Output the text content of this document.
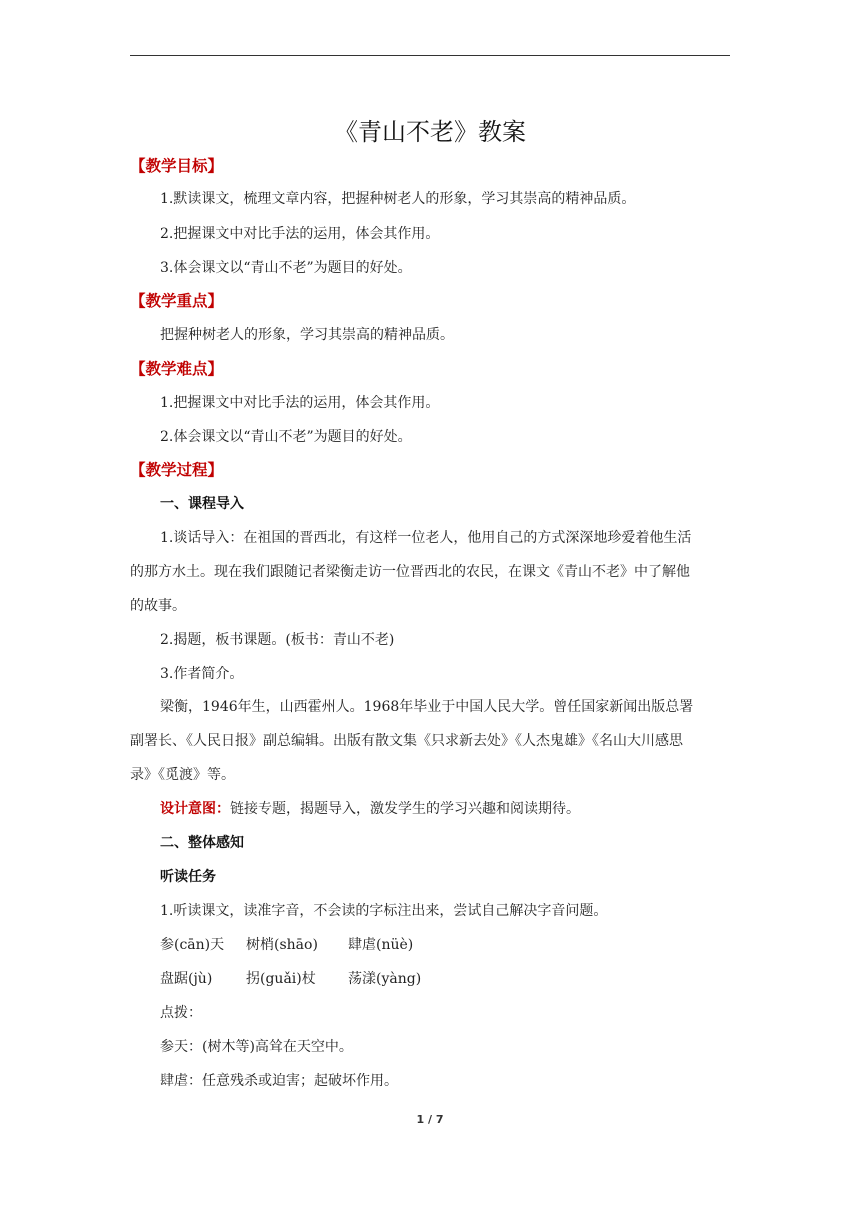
《青山不老》教案
【教学目标】
1.默读课文，梳理文章内容，把握种树老人的形象，学习其崇高的精神品质。
2.把握课文中对比手法的运用，体会其作用。
3.体会课文以“青山不老”为题目的好处。
【教学重点】
把握种树老人的形象，学习其崇高的精神品质。
【教学难点】
1.把握课文中对比手法的运用，体会其作用。
2.体会课文以“青山不老”为题目的好处。
【教学过程】
一、课程导入
1.谈话导入：在祖国的晋西北，有这样一位老人，他用自己的方式深深地珍爱着他生活
的那方水土。现在我们跟随记者梁衡走访一位晋西北的农民，在课文《青山不老》中了解他
的故事。
2.揭题，板书课题。(板书：青山不老)
3.作者简介。
梁衡，1946年生，山西霍州人。1968年毕业于中国人民大学。曾任国家新闻出版总署
副署长、《人民日报》副总编辑。出版有散文集《只求新去处》《人杰鬼雄》《名山大川感思
录》《觅渡》等。
设计意图：链接专题，揭题导入，激发学生的学习兴趣和阅读期待。
二、整体感知
听读任务
1.听读课文，读准字音，不会读的字标注出来，尝试自己解决字音问题。
参(cān)天 树梢(shāo) 肆虐(nüè)
盘踞(jù) 拐(guǎi)杖 荡漾(yàng)
点拨：
参天：(树木等)高耸在天空中。
肆虐：任意残杀或迫害；起破坏作用。
1 / 7
